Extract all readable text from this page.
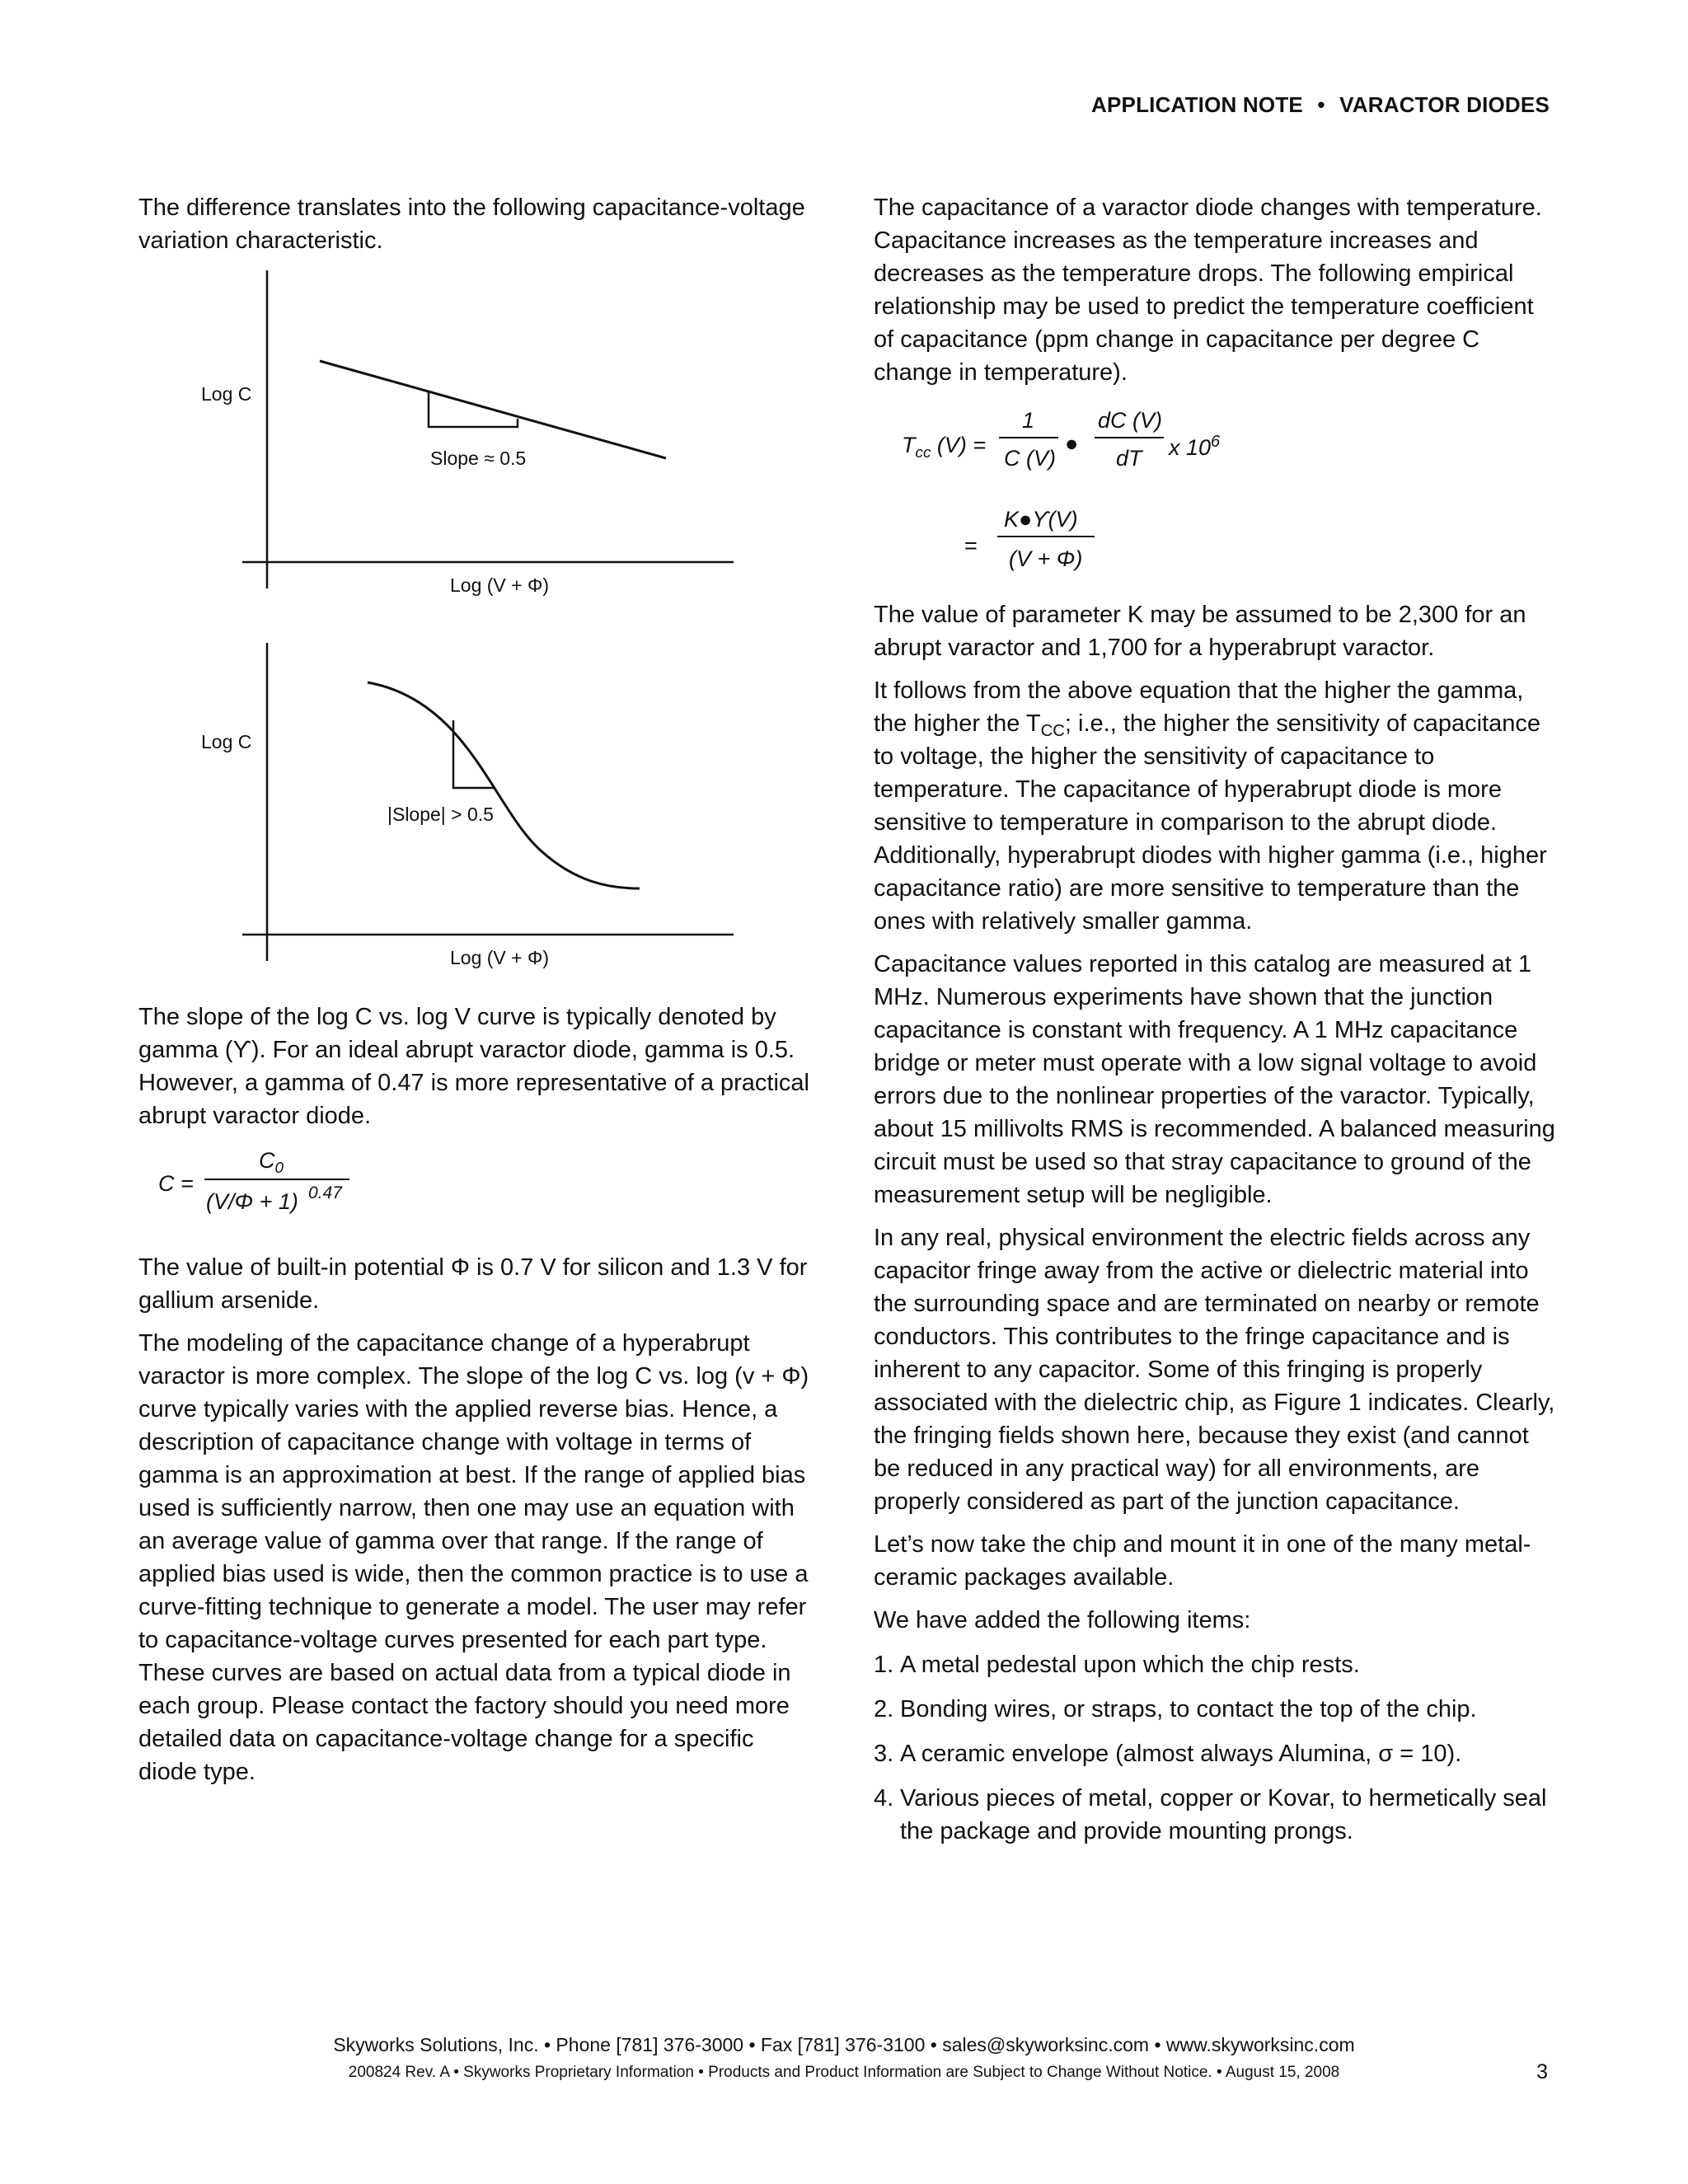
APPLICATION NOTE • VARACTOR DIODES

The difference translates into the following capacitance-voltage variation characteristic.

Log C
Slope ≈ 0.5
Log (V + Φ)
Log C
|Slope| > 0.5
Log (V + Φ)

The slope of the log C vs. log V curve is typically denoted by gamma (ϒ). For an ideal abrupt varactor diode, gamma is 0.5. However, a gamma of 0.47 is more representative of a practical abrupt varactor diode.

C =
$C_0$
(V/Φ + 1) 0.47

The value of built-in potential Φ is 0.7 V for silicon and 1.3 V for gallium arsenide.

The modeling of the capacitance change of a hyperabrupt varactor is more complex. The slope of the log C vs. log (v + Φ) curve typically varies with the applied reverse bias. Hence, a description of capacitance change with voltage in terms of gamma is an approximation at best. If the range of applied bias used is sufficiently narrow, then one may use an equation with an average value of gamma over that range. If the range of applied bias used is wide, then the common practice is to use a curve-fitting technique to generate a model. The user may refer to capacitance-voltage curves presented for each part type. These curves are based on actual data from a typical diode in each group. Please contact the factory should you need more detailed data on capacitance-voltage change for a specific diode type.

The capacitance of a varactor diode changes with temperature. Capacitance increases as the temperature increases and decreases as the temperature drops. The following empirical relationship may be used to predict the temperature coefficient of capacitance (ppm change in capacitance per degree C change in temperature).

$T_{cc}$ (V) =
1
C (V)
●
dC (V)
dT x $10^6$
=
K●ϒ(V)
(V + Φ)

The value of parameter K may be assumed to be 2,300 for an abrupt varactor and 1,700 for a hyperabrupt varactor.

It follows from the above equation that the higher the gamma, the higher the $T_{CC}$; i.e., the higher the sensitivity of capacitance to voltage, the higher the sensitivity of capacitance to temperature. The capacitance of hyperabrupt diode is more sensitive to temperature in comparison to the abrupt diode. Additionally, hyperabrupt diodes with higher gamma (i.e., higher capacitance ratio) are more sensitive to temperature than the ones with relatively smaller gamma.

Capacitance values reported in this catalog are measured at 1 MHz. Numerous experiments have shown that the junction capacitance is constant with frequency. A 1 MHz capacitance bridge or meter must operate with a low signal voltage to avoid errors due to the nonlinear properties of the varactor. Typically, about 15 millivolts RMS is recommended. A balanced measuring circuit must be used so that stray capacitance to ground of the measurement setup will be negligible.

In any real, physical environment the electric fields across any capacitor fringe away from the active or dielectric material into the surrounding space and are terminated on nearby or remote conductors. This contributes to the fringe capacitance and is inherent to any capacitor. Some of this fringing is properly associated with the dielectric chip, as Figure 1 indicates. Clearly, the fringing fields shown here, because they exist (and cannot be reduced in any practical way) for all environments, are properly considered as part of the junction capacitance.

Let’s now take the chip and mount it in one of the many metal-ceramic packages available.

We have added the following items:

1. A metal pedestal upon which the chip rests.
2. Bonding wires, or straps, to contact the top of the chip.
3. A ceramic envelope (almost always Alumina, σ = 10).
4. Various pieces of metal, copper or Kovar, to hermetically seal the package and provide mounting prongs.
Skyworks Solutions, Inc. • Phone [781] 376-3000 • Fax [781] 376-3100 • sales@skyworksinc.com • www.skyworksinc.com
200824 Rev. A • Skyworks Proprietary Information • Products and Product Information are Subject to Change Without Notice. • August 15, 2008	3
